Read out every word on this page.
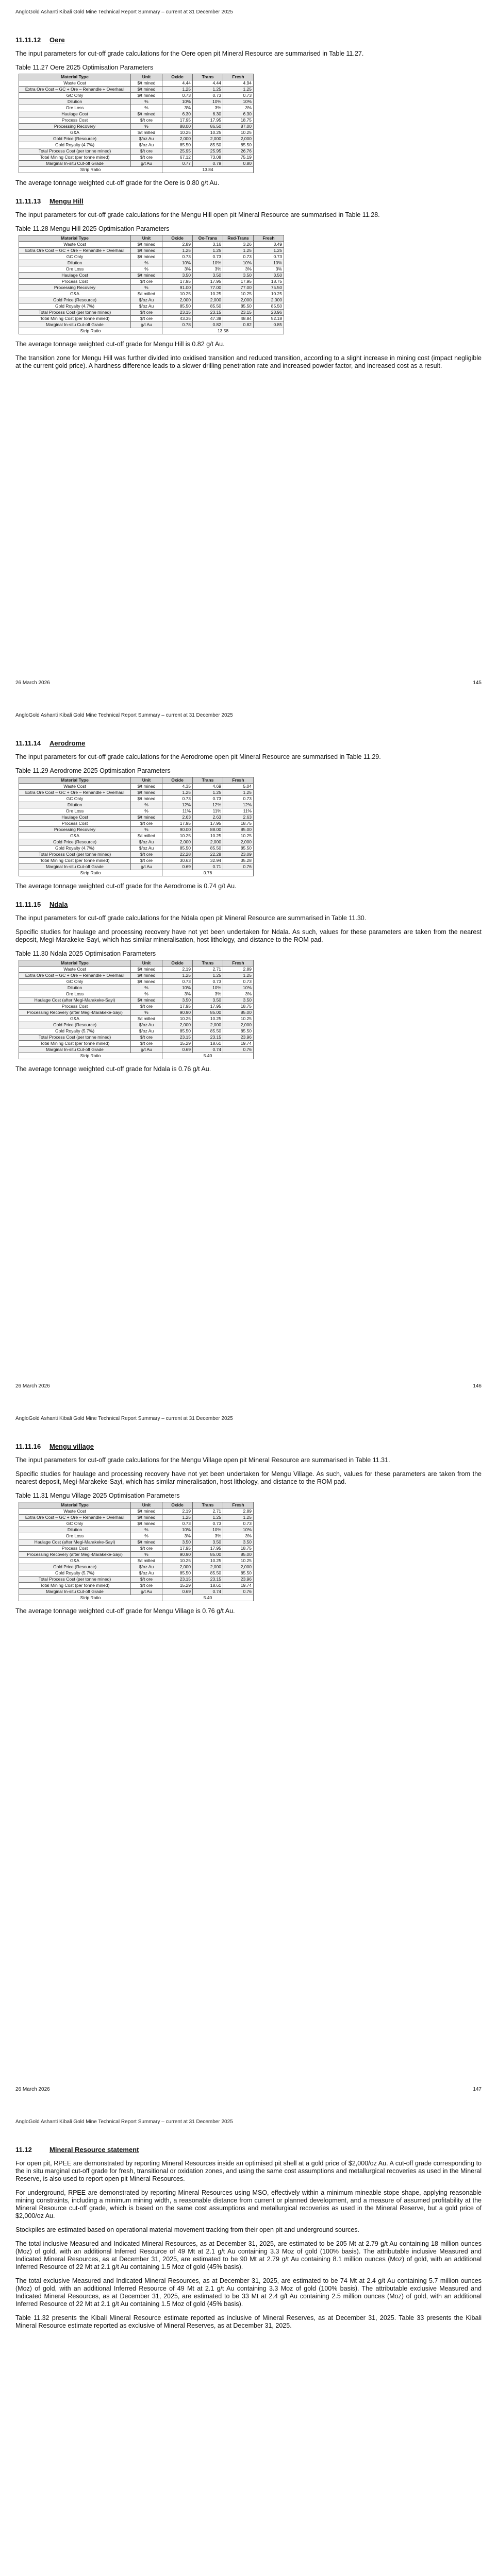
AngloGold Ashanti Kibali Gold Mine Technical Report Summary – current at 31 December 2025
11.11.12 Oere

The input parameters for cut-off grade calculations for the Oere open pit Mineral Resource are summarised in Table 11.27.

Table 11.27 Oere 2025 Optimisation Parameters
Material Type	Unit	Oxide	Trans	Fresh
Waste Cost	$/t mined	4.44	4.44	4.94
Extra Ore Cost – GC + Ore – Rehandle + Overhaul	$/t mined	1.25	1.25	1.25
GC Only	$/t mined	0.73	0.73	0.73
Dilution	%	10%	10%	10%
Ore Loss	%	3%	3%	3%
Haulage Cost	$/t mined	6.30	6.30	6.30
Process Cost	$/t ore	17.95	17.95	18.75
Processing Recovery	%	88.00	86.50	87.00
G&A	$/t milled	10.25	10.25	10.25
Gold Price (Resource)	$/oz Au	2,000	2,000	2,000
Gold Royalty (4.7%)	$/oz Au	85.50	85.50	85.50
Total Process Cost (per tonne mined)	$/t ore	25.95	25.95	26.76
Total Mining Cost (per tonne mined)	$/t ore	67.12	73.08	75.19
Marginal In-situ Cut-off Grade	g/t Au	0.77	0.79	0.80
Strip Ratio		13.84		

The average tonnage weighted cut-off grade for the Oere is 0.80 g/t Au.

11.11.13 Mengu Hill

The input parameters for cut-off grade calculations for the Mengu Hill open pit Mineral Resource are summarised in Table 11.28.

Table 11.28 Mengu Hill 2025 Optimisation Parameters
Material Type	Unit	Oxide	Ox-Trans	Red-Trans	Fresh
Waste Cost	$/t mined	2.89	3.16	3.26	3.49
Extra Ore Cost – GC + Ore – Rehandle + Overhaul	$/t mined	1.25	1.25	1.25	1.25
GC Only	$/t mined	0.73	0.73	0.73	0.73
Dilution	%	10%	10%	10%	10%
Ore Loss	%	3%	3%	3%	3%
Haulage Cost	$/t mined	3.50	3.50	3.50	3.50
Process Cost	$/t ore	17.95	17.95	17.95	18.75
Processing Recovery	%	91.00	77.00	77.00	75.50
G&A	$/t milled	10.25	10.25	10.25	10.25
Gold Price (Resource)	$/oz Au	2,000	2,000	2,000	2,000
Gold Royalty (4.7%)	$/oz Au	85.50	85.50	85.50	85.50
Total Process Cost (per tonne mined)	$/t ore	23.15	23.15	23.15	23.96
Total Mining Cost (per tonne mined)	$/t ore	43.35	47.38	48.84	52.18
Marginal In-situ Cut-off Grade	g/t Au	0.78	0.82	0.82	0.85
Strip Ratio		13.58			

The average tonnage weighted cut-off grade for Mengu Hill is 0.82 g/t Au.

The transition zone for Mengu Hill was further divided into oxidised transition and reduced transition, according to a slight increase in mining cost (impact negligible at the current gold price). A hardness difference leads to a slower drilling penetration rate and increased powder factor, and increased cost as a result.

26 March 2026	145
AngloGold Ashanti Kibali Gold Mine Technical Report Summary – current at 31 December 2025
11.11.14 Aerodrome

The input parameters for cut-off grade calculations for the Aerodrome open pit Mineral Resource are summarised in Table 11.29.

Table 11.29 Aerodrome 2025 Optimisation Parameters
Material Type	Unit	Oxide	Trans	Fresh
Waste Cost	$/t mined	4.35	4.69	5.04
Extra Ore Cost – GC + Ore – Rehandle + Overhaul	$/t mined	1.25	1.25	1.25
GC Only	$/t mined	0.73	0.73	0.73
Dilution	%	12%	12%	12%
Ore Loss	%	11%	11%	11%
Haulage Cost	$/t mined	2.63	2.63	2.63
Process Cost	$/t ore	17.95	17.95	18.75
Processing Recovery	%	90.00	88.00	85.00
G&A	$/t milled	10.25	10.25	10.25
Gold Price (Resource)	$/oz Au	2,000	2,000	2,000
Gold Royalty (4.7%)	$/oz Au	85.50	85.50	85.50
Total Process Cost (per tonne mined)	$/t ore	22.28	22.28	23.09
Total Mining Cost (per tonne mined)	$/t ore	30.63	32.94	35.28
Marginal In-situ Cut-off Grade	g/t Au	0.69	0.71	0.76
Strip Ratio		0.76		

The average tonnage weighted cut-off grade for the Aerodrome is 0.74 g/t Au.

11.11.15 Ndala

The input parameters for cut-off grade calculations for the Ndala open pit Mineral Resource are summarised in Table 11.30.

Specific studies for haulage and processing recovery have not yet been undertaken for Ndala. As such, values for these parameters are taken from the nearest deposit, Megi-Marakeke-Sayi, which has similar mineralisation, host lithology, and distance to the ROM pad.

Table 11.30 Ndala 2025 Optimisation Parameters
Material Type	Unit	Oxide	Trans	Fresh
Waste Cost	$/t mined	2.19	2.71	2.89
Extra Ore Cost – GC + Ore – Rehandle + Overhaul	$/t mined	1.25	1.25	1.25
GC Only	$/t mined	0.73	0.73	0.73
Dilution	%	10%	10%	10%
Ore Loss	%	3%	3%	3%
Haulage Cost (after Megi-Marakeke-Sayi)	$/t mined	3.50	3.50	3.50
Process Cost	$/t ore	17.95	17.95	18.75
Processing Recovery (after Megi-Marakeke-Sayi)	%	90.90	85.00	85.00
G&A	$/t milled	10.25	10.25	10.25
Gold Price (Resource)	$/oz Au	2,000	2,000	2,000
Gold Royalty (5.7%)	$/oz Au	85.50	85.50	85.50
Total Process Cost (per tonne mined)	$/t ore	23.15	23.15	23.96
Total Mining Cost (per tonne mined)	$/t ore	15.29	18.61	19.74
Marginal In-situ Cut-off Grade	g/t Au	0.69	0.74	0.76
Strip Ratio		5.40		

The average tonnage weighted cut-off grade for Ndala is 0.76 g/t Au.

26 March 2026	146
AngloGold Ashanti Kibali Gold Mine Technical Report Summary – current at 31 December 2025
11.11.16 Mengu village

The input parameters for cut-off grade calculations for the Mengu Village open pit Mineral Resource are summarised in Table 11.31.

Specific studies for haulage and processing recovery have not yet been undertaken for Mengu Village. As such, values for these parameters are taken from the nearest deposit, Megi-Marakeke-Sayi, which has similar mineralisation, host lithology, and distance to the ROM pad.

Table 11.31 Mengu Village 2025 Optimisation Parameters
Material Type	Unit	Oxide	Trans	Fresh
Waste Cost	$/t mined	2.19	2.71	2.89
Extra Ore Cost – GC + Ore – Rehandle + Overhaul	$/t mined	1.25	1.25	1.25
GC Only	$/t mined	0.73	0.73	0.73
Dilution	%	10%	10%	10%
Ore Loss	%	3%	3%	3%
Haulage Cost (after Megi-Marakeke-Sayi)	$/t mined	3.50	3.50	3.50
Process Cost	$/t ore	17.95	17.95	18.75
Processing Recovery (after Megi-Marakeke-Sayi)	%	90.90	85.00	85.00
G&A	$/t milled	10.25	10.25	10.25
Gold Price (Resource)	$/oz Au	2,000	2,000	2,000
Gold Royalty (5.7%)	$/oz Au	85.50	85.50	85.50
Total Process Cost (per tonne mined)	$/t ore	23.15	23.15	23.96
Total Mining Cost (per tonne mined)	$/t ore	15.29	18.61	19.74
Marginal In-situ Cut-off Grade	g/t Au	0.69	0.74	0.76
Strip Ratio		5.40		

The average tonnage weighted cut-off grade for Mengu Village is 0.76 g/t Au.

26 March 2026	147
AngloGold Ashanti Kibali Gold Mine Technical Report Summary – current at 31 December 2025
11.12	Mineral Resource statement

For open pit, RPEE are demonstrated by reporting Mineral Resources inside an optimised pit shell at a gold price of $2,000/oz Au. A cut-off grade corresponding to the in situ marginal cut-off grade for fresh, transitional or oxidation zones, and using the same cost assumptions and metallurgical recoveries as used in the Mineral Reserve, is also used to report open pit Mineral Resources.

For underground, RPEE are demonstrated by reporting Mineral Resources using MSO, effectively within a minimum mineable stope shape, applying reasonable mining constraints, including a minimum mining width, a reasonable distance from current or planned development, and a measure of assumed profitability at the Mineral Resource cut-off grade, which is based on the same cost assumptions and metallurgical recoveries as used in the Mineral Reserve, but a gold price of $2,000/oz Au.

Stockpiles are estimated based on operational material movement tracking from their open pit and underground sources.

The total inclusive Measured and Indicated Mineral Resources, as at December 31, 2025, are estimated to be 205 Mt at 2.79 g/t Au containing 18 million ounces (Moz) of gold, with an additional Inferred Resource of 49 Mt at 2.1 g/t Au containing 3.3 Moz of gold (100% basis). The attributable inclusive Measured and Indicated Mineral Resources, as at December 31, 2025, are estimated to be 90 Mt at 2.79 g/t Au containing 8.1 million ounces (Moz) of gold, with an additional Inferred Resource of 22 Mt at 2.1 g/t Au containing 1.5 Moz of gold (45% basis).

The total exclusive Measured and Indicated Mineral Resources, as at December 31, 2025, are estimated to be 74 Mt at 2.4 g/t Au containing 5.7 million ounces (Moz) of gold, with an additional Inferred Resource of 49 Mt at 2.1 g/t Au containing 3.3 Moz of gold (100% basis). The attributable exclusive Measured and Indicated Mineral Resources, as at December 31, 2025, are estimated to be 33 Mt at 2.4 g/t Au containing 2.5 million ounces (Moz) of gold, with an additional Inferred Resource of 22 Mt at 2.1 g/t Au containing 1.5 Moz of gold (45% basis).

Table 11.32 presents the Kibali Mineral Resource estimate reported as inclusive of Mineral Reserves, as at December 31, 2025. Table 33 presents the Kibali Mineral Resource estimate reported as exclusive of Mineral Reserves, as at December 31, 2025.
